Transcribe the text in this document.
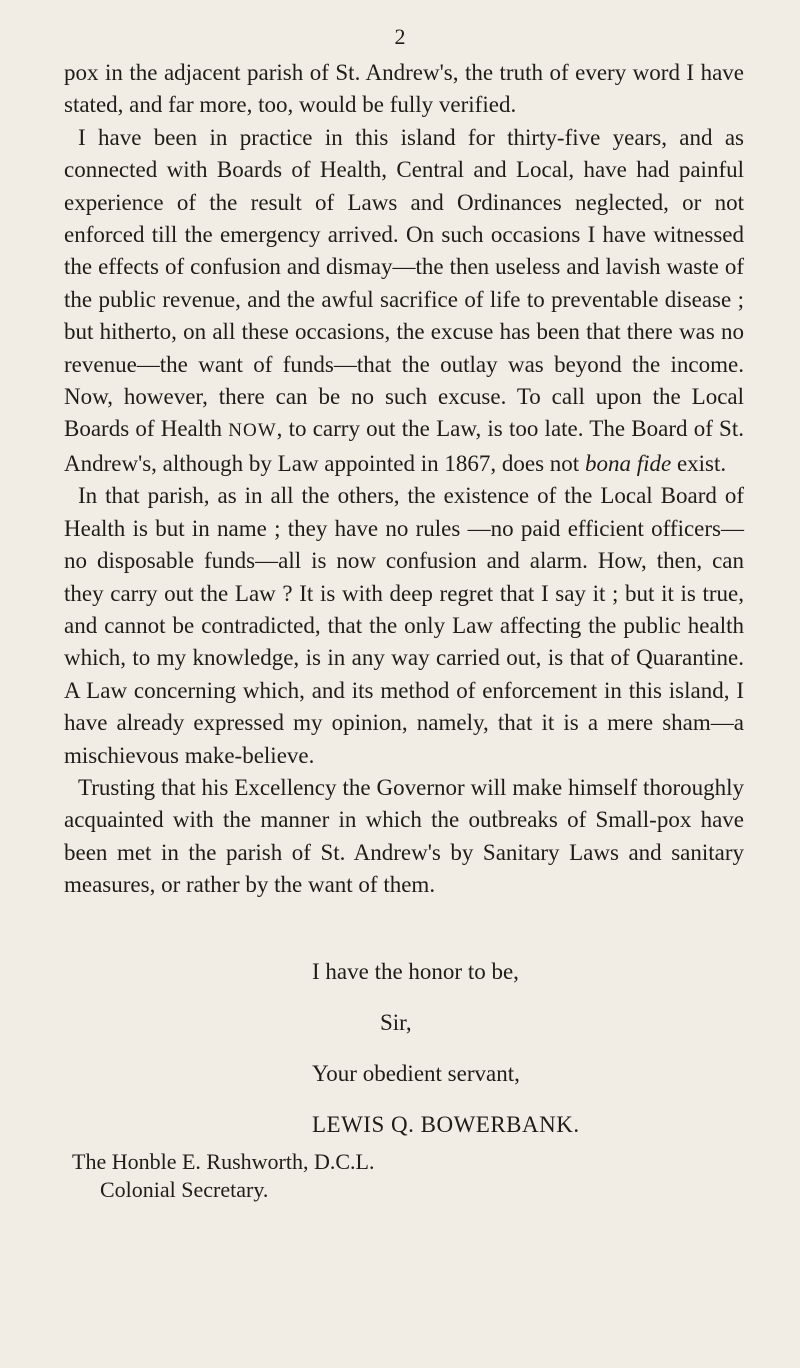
2

pox in the adjacent parish of St. Andrew's, the truth of every word I have stated, and far more, too, would be fully verified.

I have been in practice in this island for thirty-five years, and as connected with Boards of Health, Central and Local, have had painful experience of the result of Laws and Ordinances neglected, or not enforced till the emergency arrived. On such occasions I have witnessed the effects of confusion and dismay—the then useless and lavish waste of the public revenue, and the awful sacrifice of life to preventable disease ; but hitherto, on all these occasions, the excuse has been that there was no revenue—the want of funds—that the outlay was beyond the income. Now, however, there can be no such excuse. To call upon the Local Boards of Health NOW, to carry out the Law, is too late. The Board of St. Andrew's, although by Law appointed in 1867, does not bona fide exist.

In that parish, as in all the others, the existence of the Local Board of Health is but in name ; they have no rules —no paid efficient officers—no disposable funds—all is now confusion and alarm. How, then, can they carry out the Law ? It is with deep regret that I say it ; but it is true, and cannot be contradicted, that the only Law affecting the public health which, to my knowledge, is in any way carried out, is that of Quarantine. A Law concerning which, and its method of enforcement in this island, I have already expressed my opinion, namely, that it is a mere sham—a mischievous make-believe.

Trusting that his Excellency the Governor will make himself thoroughly acquainted with the manner in which the outbreaks of Small-pox have been met in the parish of St. Andrew's by Sanitary Laws and sanitary measures, or rather by the want of them.

I have the honor to be,
Sir,
Your obedient servant,
LEWIS Q. BOWERBANK.
The Honble E. Rushworth, D.C.L.
Colonial Secretary.
